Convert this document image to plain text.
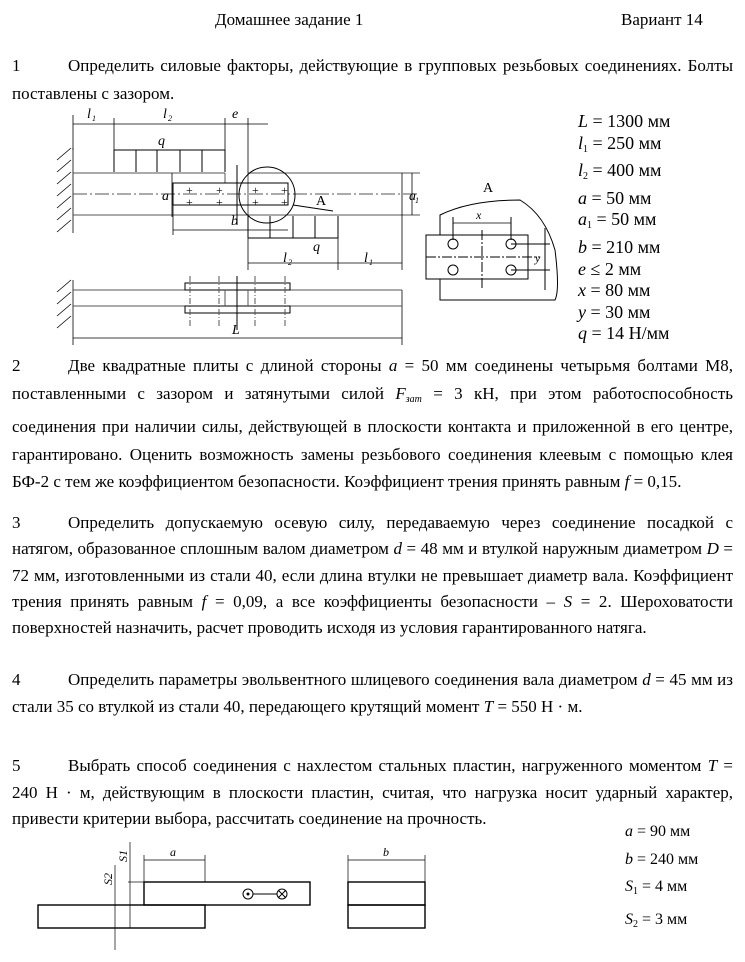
Домашнее задание 1	Вариант 14
1	Определить силовые факторы, действующие в групповых резьбовых соединениях. Болты поставлены с зазором.
+ + + +
+ + + +
l 1	l 2	e
q
a
b
l 2
q
l 1
a 1
L
x
y
A
A
L = 1300 мм
$l_1 = 250$ мм
$l_2 = 400$ мм
a = 50 мм
$a_1 = 50$ мм
b = 210 мм
e ≤ 2 мм
x = 80 мм
y = 30 мм
q = 14 Н/мм
2	Две квадратные плиты с длиной стороны a = 50 мм соединены четырьмя болтами М8, поставленными с зазором и затянутыми силой $F_{зат} = 3$ кН, при этом работоспособность соединения при наличии силы, действующей в плоскости контакта и приложенной в его центре, гарантировано. Оценить возможность замены резьбового соединения клеевым с помощью клея БФ-2 с тем же коэффициентом безопасности. Коэффициент трения принять равным f = 0,15.
3	Определить допускаемую осевую силу, передаваемую через соединение посадкой с натягом, образованное сплошным валом диаметром d = 48 мм и втулкой наружным диаметром D = 72 мм, изготовленными из стали 40, если длина втулки не превышает диаметр вала. Коэффициент трения принять равным f = 0,09, а все коэффициенты безопасности – S = 2. Шероховатости поверхностей назначить, расчет проводить исходя из условия гарантированного натяга.
4	Определить параметры эвольвентного шлицевого соединения вала диаметром d = 45 мм из стали 35 со втулкой из стали 40, передающего крутящий момент T = 550 Н · м.
5	Выбрать способ соединения с нахлестом стальных пластин, нагруженного моментом T = 240 Н · м, действующим в плоскости пластин, считая, что нагрузка носит ударный характер, привести критерии выбора, рассчитать соединение на прочность.
a	b
S1
S2
a = 90 мм
b = 240 мм
$S_1 = 4$ мм
$S_2 = 3$ мм
